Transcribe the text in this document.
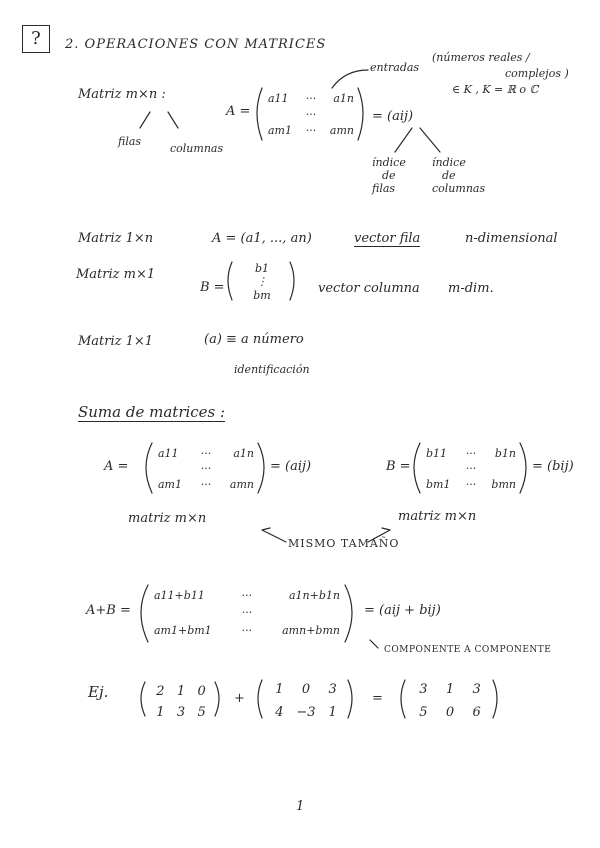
?	2. OPERACIONES CON MATRICES
Matriz m×n :
filas
columnas
A =
a11 ··· a1n
···
am1 ··· amn
= (aij)
entradas
(números reales /
complejos )
∈ K , K = ℝ o ℂ
índice
de
filas
índice
de
columnas
Matriz 1×n	A = (a1, ..., an)	vector fila	n-dimensional
Matriz m×1
B =
b1
⋮
bm	vector columna m-dim.
Matriz 1×1	(a) ≡ a número
identificación
Suma de matrices :
A =
a11 ··· a1n
···
am1 ··· amn
= (aij)	B =
b11 ··· b1n
···
bm1 ··· bmn
= (bij)
matriz m×n	matriz m×n
MISMO TAMAÑO
A+B =
a11+b11	···	a1n+b1n
···
am1+bm1	···	amn+bmn
= (aij + bij)
COMPONENTE A COMPONENTE
Ej.	2 1 0
1 3 5
+
1	0	3
4 −3 1
=
3	1	3
5	0	6
1
